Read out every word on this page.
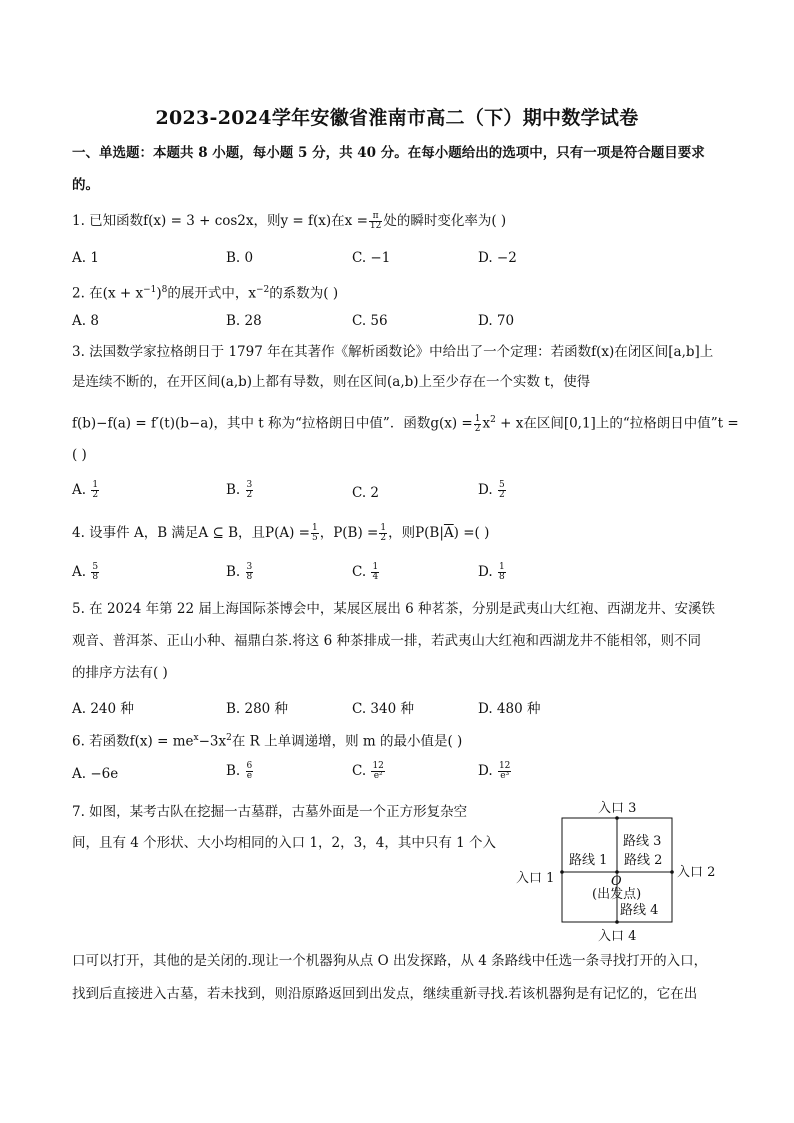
2023-2024学年安徽省淮南市高二（下）期中数学试卷
一、单选题：本题共 8 小题，每小题 5 分，共 40 分。在每小题给出的选项中，只有一项是符合题目要求
的。
1. 已知函数f(x) = 3 + cos2x，则y = f(x)在$x = \frac{\pi}{12}$ 处的瞬时变化率为( )
A. 1	B. 0	C. −1	D. −2
2. 在$(x + x^{-1})^8$的展开式中，$x^{-2}$的系数为( )
A. 8	B. 28	C. 56	D. 70
3. 法国数学家拉格朗日于 1797 年在其著作《解析函数论》中给出了一个定理：若函数f(x)在闭区间[a,b]上
是连续不断的，在开区间(a,b)上都有导数，则在区间(a,b)上至少存在一个实数 t，使得
f(b)−f(a) = f′(t)(b−a)，其中 t 称为“拉格朗日中值”．函数$g(x) = \frac{1}{2} x^2 + x$在区间[0,1]上的“拉格朗日中值”t =
( )
A. $\frac{1}{2}$	B. $\frac{3}{2}$	C. 2	D. $\frac{5}{2}$
4. 设事件 A，B 满足A ⊆ B，且$P(A) = \frac{1}{5}$ ，$P(B) = \frac{1}{2}$ ，则$P(B|\overline{A})$ =( )
A. $\frac{5}{8}$	B. $\frac{3}{8}$	C. $\frac{1}{4}$	D. $\frac{1}{8}$
5. 在 2024 年第 22 届上海国际茶博会中，某展区展出 6 种茗茶，分别是武夷山大红袍、西湖龙井、安溪铁
观音、普洱茶、正山小种、福鼎白茶.将这 6 种茶排成一排，若武夷山大红袍和西湖龙井不能相邻，则不同
的排序方法有( )
A. 240 种	B. 280 种	C. 340 种	D. 480 种
6. 若函数$f(x) = me^x-3x^2$在 R 上单调递增，则 m 的最小值是( )
A. −6e	B. $\frac{6}{e}$	C. $\frac{12}{\text{e²}}$	D. $\frac{12}{\text{e³}}$
7. 如图，某考古队在挖掘一古墓群，古墓外面是一个正方形复杂空
间，且有 4 个形状、大小均相同的入口 1，2，3，4，其中只有 1 个入
入口 3
入口 4
入口 1	入口 2
路线 3
路线 1 路线 2
路线 4
O
(出发点)
口可以打开，其他的是关闭的.现让一个机器狗从点 O 出发探路，从 4 条路线中任选一条寻找打开的入口，
找到后直接进入古墓，若未找到，则沿原路返回到出发点，继续重新寻找.若该机器狗是有记忆的，它在出
